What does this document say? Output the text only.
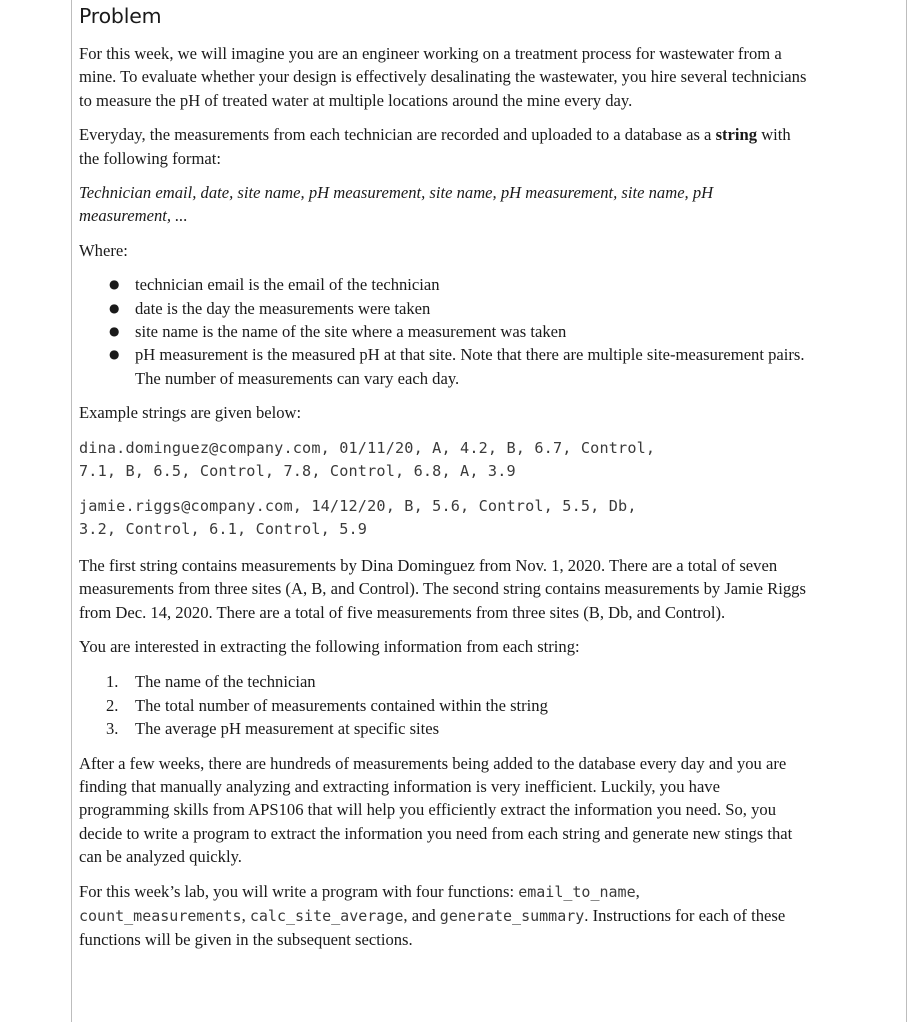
Problem

For this week, we will imagine you are an engineer working on a treatment process for wastewater from a mine. To evaluate whether your design is effectively desalinating the wastewater, you hire several technicians to measure the pH of treated water at multiple locations around the mine every day.

Everyday, the measurements from each technician are recorded and uploaded to a database as a string with the following format:

Technician email, date, site name, pH measurement, site name, pH measurement, site name, pH measurement, ...

Where:

● technician email is the email of the technician
● date is the day the measurements were taken
● site name is the name of the site where a measurement was taken
● pH measurement is the measured pH at that site. Note that there are multiple site-measurement pairs. The number of measurements can vary each day.

Example strings are given below:

dina.dominguez@company.com, 01/11/20, A, 4.2, B, 6.7, Control,
7.1, B, 6.5, Control, 7.8, Control, 6.8, A, 3.9
jamie.riggs@company.com, 14/12/20, B, 5.6, Control, 5.5, Db,
3.2, Control, 6.1, Control, 5.9

The first string contains measurements by Dina Dominguez from Nov. 1, 2020. There are a total of seven measurements from three sites (A, B, and Control). The second string contains measurements by Jamie Riggs from Dec. 14, 2020. There are a total of five measurements from three sites (B, Db, and Control).

You are interested in extracting the following information from each string:

1. The name of the technician
2. The total number of measurements contained within the string
3. The average pH measurement at specific sites

After a few weeks, there are hundreds of measurements being added to the database every day and you are finding that manually analyzing and extracting information is very inefficient. Luckily, you have programming skills from APS106 that will help you efficiently extract the information you need. So, you decide to write a program to extract the information you need from each string and generate new stings that can be analyzed quickly.

For this week’s lab, you will write a program with four functions: email_to_name, count_measurements, calc_site_average, and generate_summary. Instructions for each of these functions will be given in the subsequent sections.
